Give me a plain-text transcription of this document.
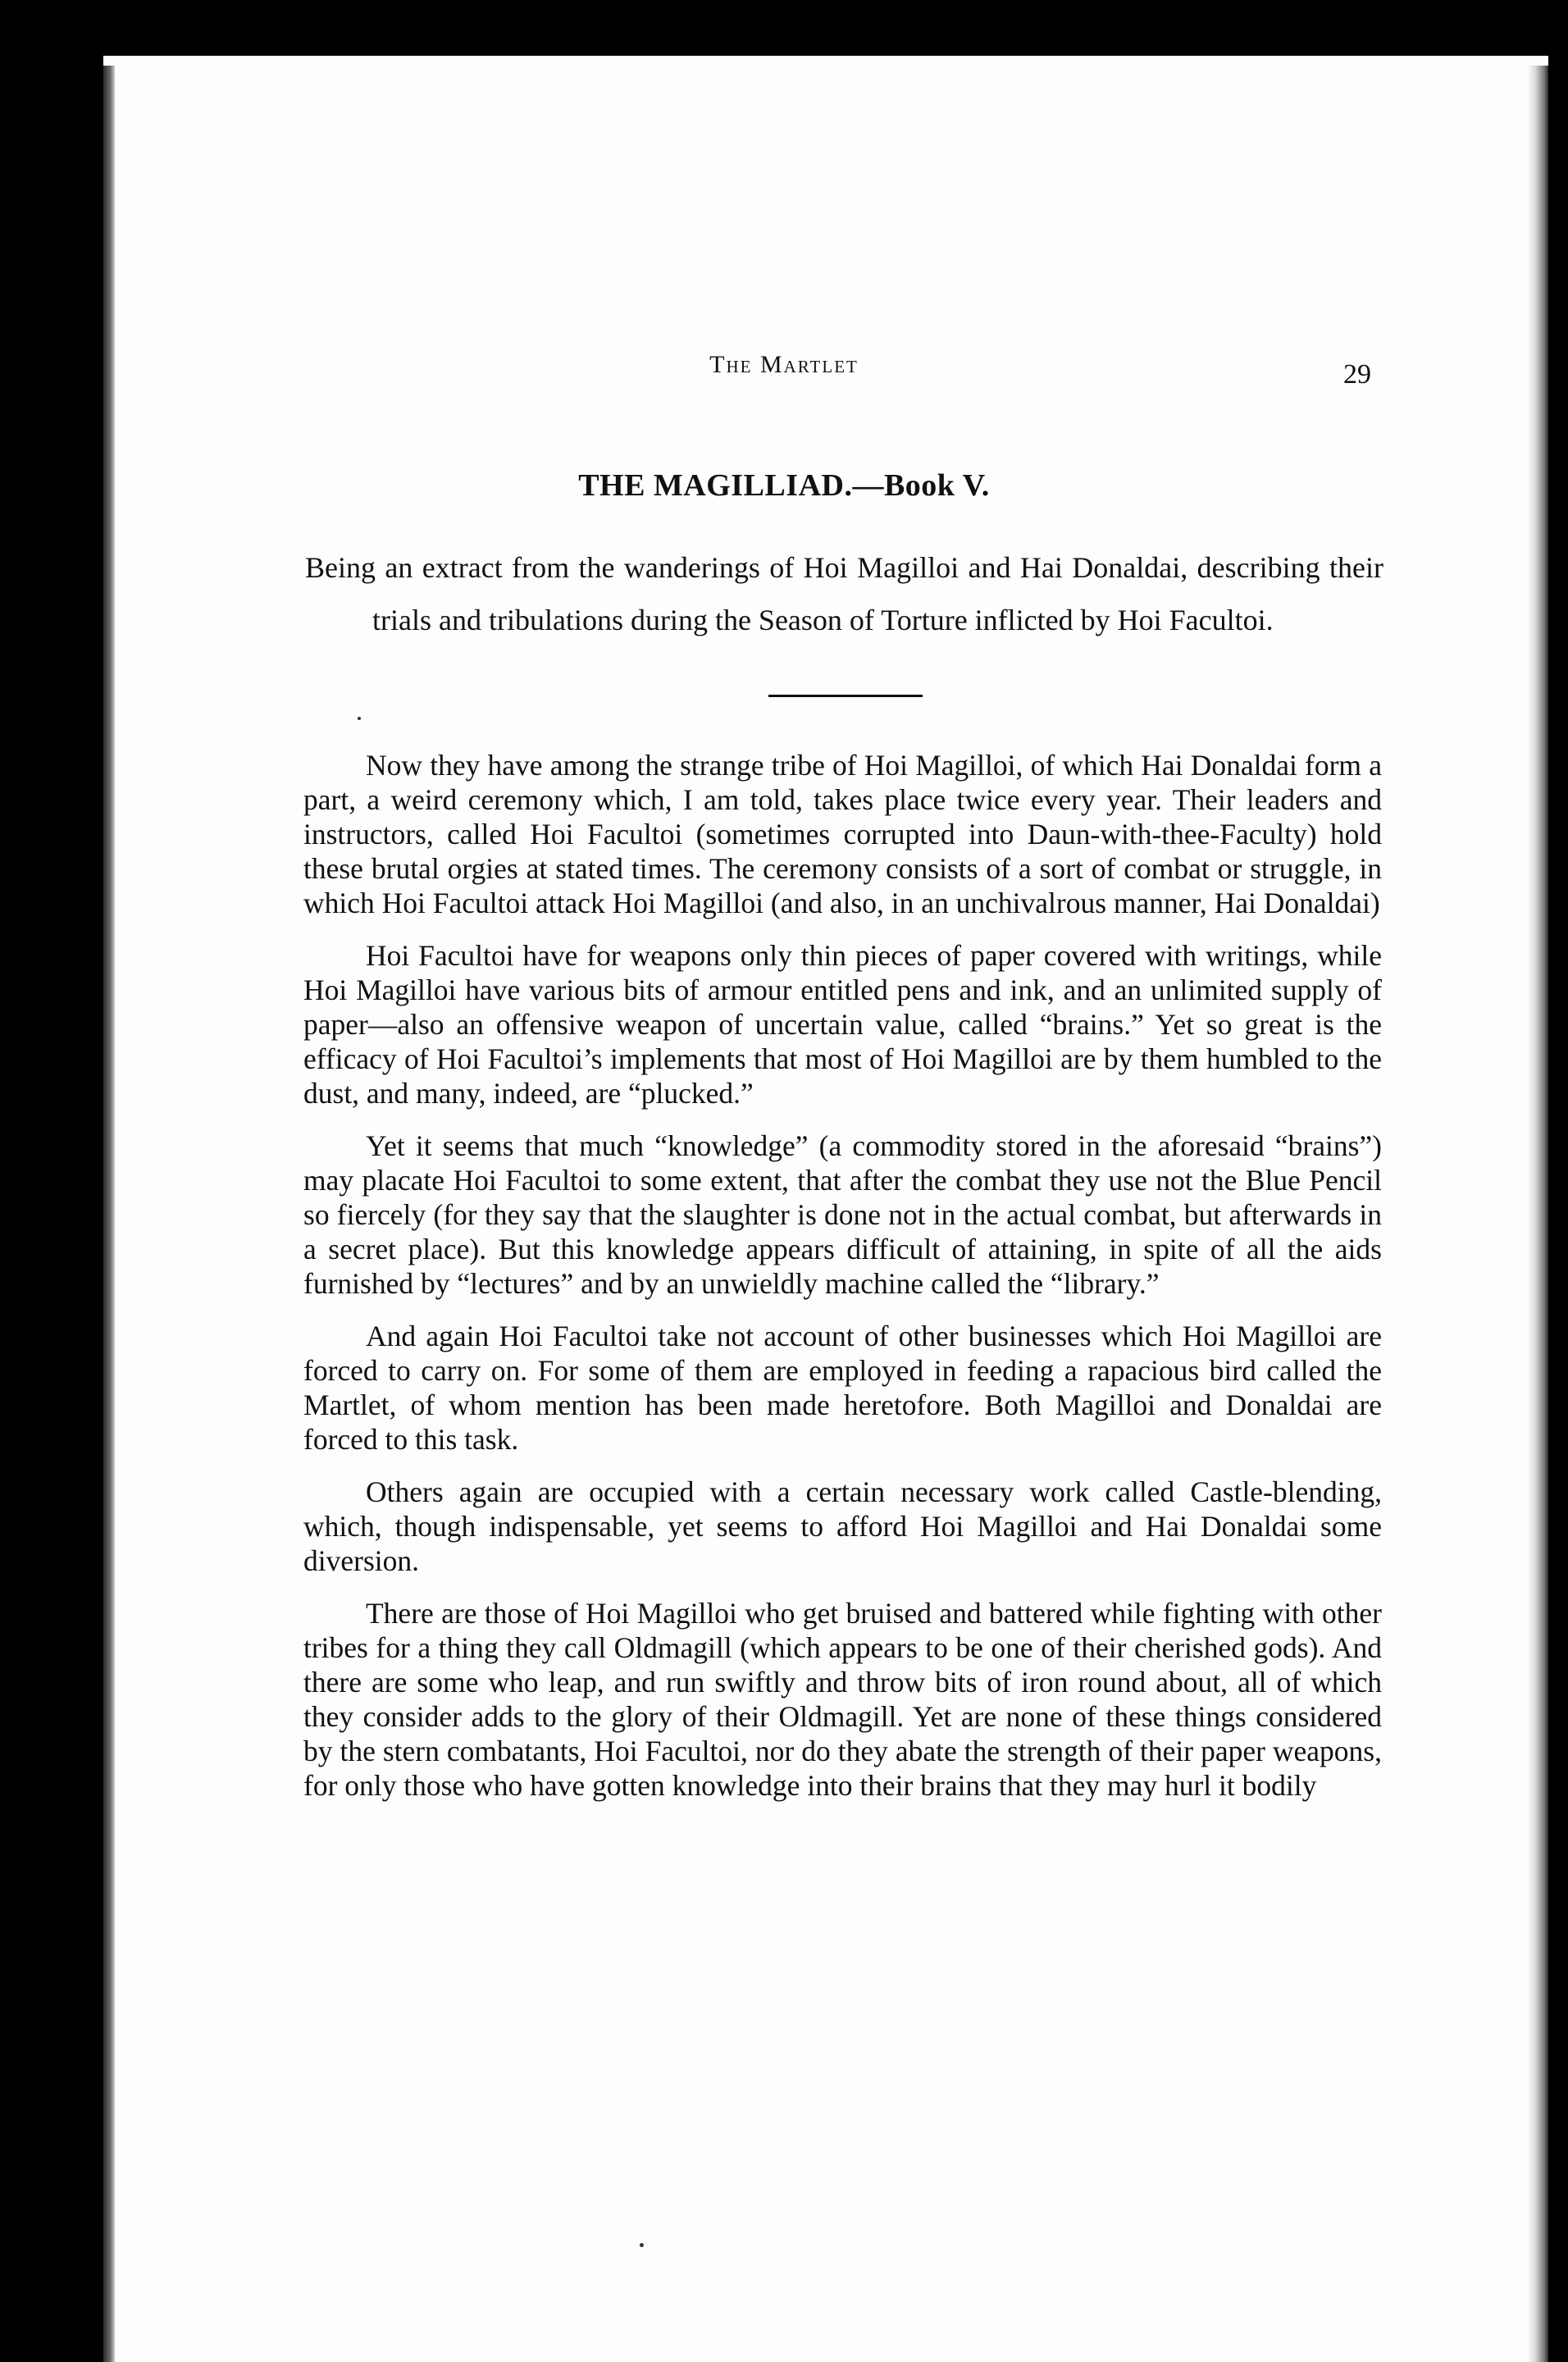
The Martlet	29
THE MAGILLIAD.—Book V.
Being an extract from the wanderings of Hoi Magilloi and Hai Donaldai, describing their trials and tribulations during the Season of Torture inflicted by Hoi Facultoi.

Now they have among the strange tribe of Hoi Magilloi, of which Hai Donaldai form a part, a weird ceremony which, I am told, takes place twice every year. Their leaders and instructors, called Hoi Facultoi (sometimes corrupted into Daun-with-thee-Faculty) hold these brutal orgies at stated times. The ceremony consists of a sort of combat or struggle, in which Hoi Facultoi attack Hoi Magilloi (and also, in an unchivalrous manner, Hai Donaldai)

Hoi Facultoi have for weapons only thin pieces of paper covered with writings, while Hoi Magilloi have various bits of armour entitled pens and ink, and an unlimited supply of paper—also an offensive weapon of uncertain value, called “brains.” Yet so great is the efficacy of Hoi Facultoi’s implements that most of Hoi Magilloi are by them humbled to the dust, and many, indeed, are “plucked.”

Yet it seems that much “knowledge” (a commodity stored in the aforesaid “brains”) may placate Hoi Facultoi to some extent, that after the combat they use not the Blue Pencil so fiercely (for they say that the slaughter is done not in the actual combat, but afterwards in a secret place). But this knowledge appears difficult of attaining, in spite of all the aids furnished by “lectures” and by an unwieldly machine called the “library.”

And again Hoi Facultoi take not account of other businesses which Hoi Magilloi are forced to carry on. For some of them are employed in feeding a rapacious bird called the Martlet, of whom mention has been made heretofore. Both Magilloi and Donaldai are forced to this task.

Others again are occupied with a certain necessary work called Castle-blending, which, though indispensable, yet seems to afford Hoi Magilloi and Hai Donaldai some diversion.

There are those of Hoi Magilloi who get bruised and battered while fighting with other tribes for a thing they call Oldmagill (which appears to be one of their cherished gods). And there are some who leap, and run swiftly and throw bits of iron round about, all of which they consider adds to the glory of their Oldmagill. Yet are none of these things considered by the stern combatants, Hoi Facultoi, nor do they abate the strength of their paper weapons, for only those who have gotten knowledge into their brains that they may hurl it bodily
